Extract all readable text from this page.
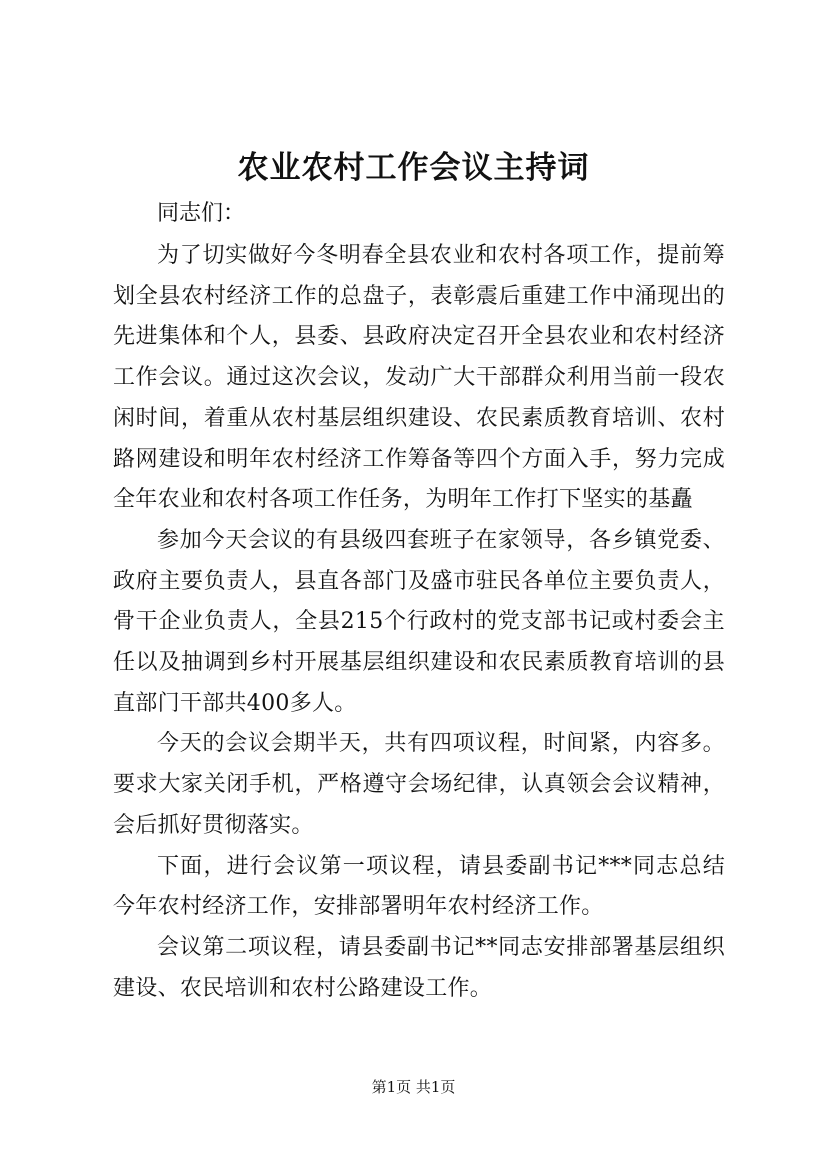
农业农村工作会议主持词

同志们：

为了切实做好今冬明春全县农业和农村各项工作，提前筹划全县农村经济工作的总盘子，表彰震后重建工作中涌现出的先进集体和个人，县委、县政府决定召开全县农业和农村经济工作会议。通过这次会议，发动广大干部群众利用当前一段农闲时间，着重从农村基层组织建设、农民素质教育培训、农村路网建设和明年农村经济工作筹备等四个方面入手，努力完成全年农业和农村各项工作任务，为明年工作打下坚实的基矗

参加今天会议的有县级四套班子在家领导，各乡镇党委、政府主要负责人，县直各部门及盛市驻民各单位主要负责人，骨干企业负责人，全县215个行政村的党支部书记或村委会主任以及抽调到乡村开展基层组织建设和农民素质教育培训的县直部门干部共400多人。

今天的会议会期半天，共有四项议程，时间紧，内容多。要求大家关闭手机，严格遵守会场纪律，认真领会会议精神，会后抓好贯彻落实。

下面，进行会议第一项议程，请县委副书记***同志总结今年农村经济工作，安排部署明年农村经济工作。

会议第二项议程，请县委副书记**同志安排部署基层组织建设、农民培训和农村公路建设工作。

第1页 共1页
